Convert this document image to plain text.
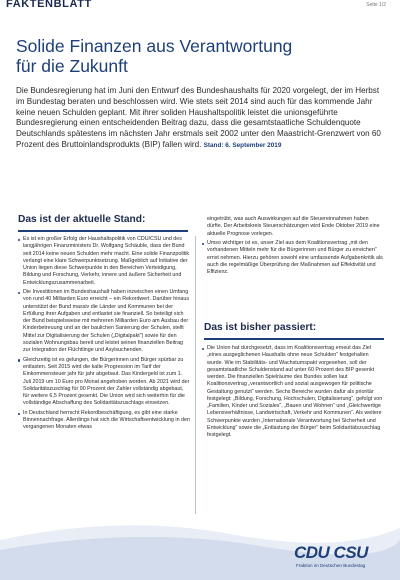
FAKTENBLATT	Seite 1/2
Solide Finanzen aus Verantwortung
für die Zukunft

Die Bundesregierung hat im Juni den Entwurf des Bundeshaushalts für 2020 vorgelegt, der im Herbst im Bundestag beraten und beschlossen wird. Wie stets seit 2014 sind auch für das kommende Jahr keine neuen Schulden geplant. Mit ihrer soliden Haushaltspolitik leistet die unionsgeführte Bundesregierung einen entscheidenden Beitrag dazu, dass die gesamtstaatliche Schuldenquote Deutschlands spätestens im nächsten Jahr erstmals seit 2002 unter den Maastricht-Grenzwert von 60 Prozent des Bruttoinlandsprodukts (BIP) fallen wird. Stand: 6. September 2019

Das ist der aktuelle Stand:
Es ist ein großer Erfolg der Haushaltspolitik von CDU/CSU und des langjährigen Finanzministers Dr. Wolfgang Schäuble, dass der Bund seit 2014 keine neuen Schulden mehr macht. Eine solide Finanzpolitik verlangt eine klare Schwerpunktsetzung. Maßgeblich auf Initiative der Union liegen diese Schwerpunkte in den Bereichen Verteidigung, Bildung und Forschung, Verkehr, innere und äußere Sicherheit und Entwicklungszusammenarbeit.
Die Investitionen im Bundeshaushalt haben inzwischen einen Umfang von rund 40 Milliarden Euro erreicht – ein Rekordwert. Darüber hinaus unterstützt der Bund massiv die Länder und Kommunen bei der Erfüllung ihrer Aufgaben und entlastet sie finanziell. So beteiligt sich der Bund beispielsweise mit mehreren Milliarden Euro am Ausbau der Kinderbetreuung und an der baulichen Sanierung der Schulen, stellt Mittel zur Digitalisierung der Schulen („Digitalpakt“) sowie für den sozialen Wohnungsbau bereit und leistet seinen finanziellen Beitrag zur Integration der Flüchtlinge und Asylsuchenden.
Gleichzeitig ist es gelungen, die Bürgerinnen und Bürger spürbar zu entlasten. Seit 2015 wird die kalte Progression im Tarif der Einkommensteuer jahr für jahr abgebaut. Das Kindergeld ist zum 1. Juli 2019 um 10 Euro pro Monat angehoben worden. Ab 2021 wird der Solidaritätszuschlag für 90 Prozent der Zahler vollständig abgebaut, für weitere 6,5 Prozent gesenkt. Die Union wird sich weiterhin für die vollständige Abschaffung des Solidaritätszuschlags einsetzen.
In Deutschland herrscht Rekordbeschäftigung, es gibt eine starke Binnennachfrage. Allerdings hat sich die Wirtschaftsentwicklung in den vergangenen Monaten etwas
eingetrübt, was auch Auswirkungen auf die Steuereinnahmen haben dürfte. Der Arbeitskreis Steuerschätzungen wird Ende Oktober 2019 eine aktuelle Prognose vorlegen.
Umso wichtiger ist es, unser Ziel aus dem Koalitionsvertrag „mit den vorhandenen Mitteln mehr für die Bürgerinnen und Bürger zu erreichen“ ernst nehmen. Hierzu gehören sowohl eine umfassende Aufgabenkritik als auch die regelmäßige Überprüfung der Maßnahmen auf Effektivität und Effizienz.
Das ist bisher passiert:
Die Union hat durchgesetzt, dass im Koalitionsvertrag erneut das Ziel „eines ausgeglichenen Haushalts ohne neue Schulden“ festgehalten wurde. Wie im Stabilitäts- und Wachstumspakt vorgesehen, soll der gesamtstaatliche Schuldenstand auf unter 60 Prozent des BIP gesenkt werden. Die finanziellen Spielräume des Bundes sollen laut Koalitionsvertrag „verantwortlich und sozial ausgewogen für politische Gestaltung genutzt“ werden. Sechs Bereiche wurden dafür als prioritär festgelegt: „Bildung, Forschung, Hochschulen, Digitalisierung“, gefolgt von „Familien, Kinder und Soziales“, „Bauen und Wohnen“ und „Gleichwertige Lebensverhältnisse, Landwirtschaft, Verkehr und Kommunen“. Als weitere Schwerpunkte wurden „Internationale Verantwortung bei Sicherheit und Entwicklung“ sowie die „Entlastung der Bürger“ beim Solidaritätszuschlag festgelegt.
CDU CSU
Fraktion im Deutschen Bundestag
